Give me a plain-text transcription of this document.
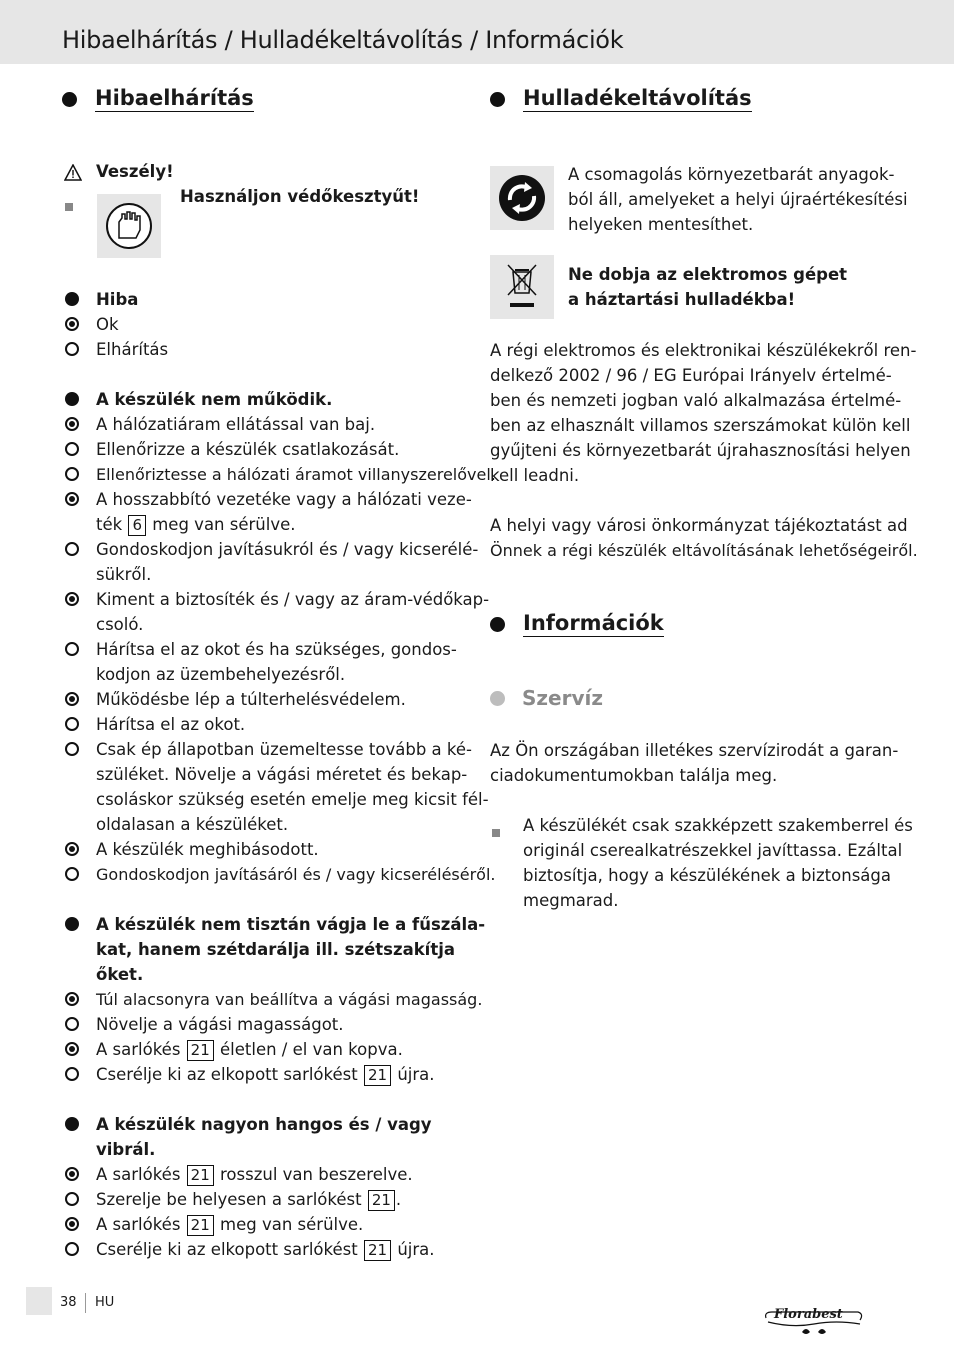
Hibaelhárítás / Hulladékeltávolítás / Információk
Hibaelhárítás
Veszély!
Használjon védőkesztyűt!
Hiba
Ok
Elhárítás
A készülék nem működik.
A hálózatiáram ellátással van baj.
Ellenőrizze a készülék csatlakozását.
Ellenőriztesse a hálózati áramot villanyszerelővel.
A hosszabbító vezetéke vagy a hálózati veze-
ték 6 meg van sérülve.
Gondoskodjon javításukról és / vagy kicserélé-
sükről.
Kiment a biztosíték és / vagy az áram-védőkap-
csoló.
Hárítsa el az okot és ha szükséges, gondos-
kodjon az üzembehelyezésről.
Működésbe lép a túlterhelésvédelem.
Hárítsa el az okot.
Csak ép állapotban üzemeltesse tovább a ké-
szüléket. Növelje a vágási méretet és bekap-
csoláskor szükség esetén emelje meg kicsit fél-
oldalasan a készüléket.
A készülék meghibásodott.
Gondoskodjon javításáról és / vagy kicseréléséről.
A készülék nem tisztán vágja le a fűszála-
kat, hanem szétdarálja ill. szétszakítja
őket.
Túl alacsonyra van beállítva a vágási magasság.
Növelje a vágási magasságot.
A sarlókés 21 életlen / el van kopva.
Cserélje ki az elkopott sarlókést 21 újra.
A készülék nagyon hangos és / vagy
vibrál.
A sarlókés 21 rosszul van beszerelve.
Szerelje be helyesen a sarlókést 21 .
A sarlókés 21 meg van sérülve.
Cserélje ki az elkopott sarlókést 21 újra.
Hulladékeltávolítás
A csomagolás környezetbarát anyagok-
ból áll, amelyeket a helyi újraértékesítési
helyeken mentesíthet.
Ne dobja az elektromos gépet
a háztartási hulladékba!
A régi elektromos és elektronikai készülékekről ren-
delkező 2002 / 96 / EG Európai Irányelv értelmé-
ben és nemzeti jogban való alkalmazása értelmé-
ben az elhasznált villamos szerszámokat külön kell
gyűjteni és környezetbarát újrahasznosítási helyen
kell leadni.
A helyi vagy városi önkormányzat tájékoztatást ad
Önnek a régi készülék eltávolításának lehetőségeiről.
Információk
Szervíz
Az Ön országában illetékes szervízirodát a garan-
ciadokumentumokban találja meg.
A készülékét csak szakképzett szakemberrel és
originál cserealkatrészekkel javíttassa. Ezáltal
biztosítja, hogy a készülékének a biztonsága
megmarad.
38 HU
Florabest
